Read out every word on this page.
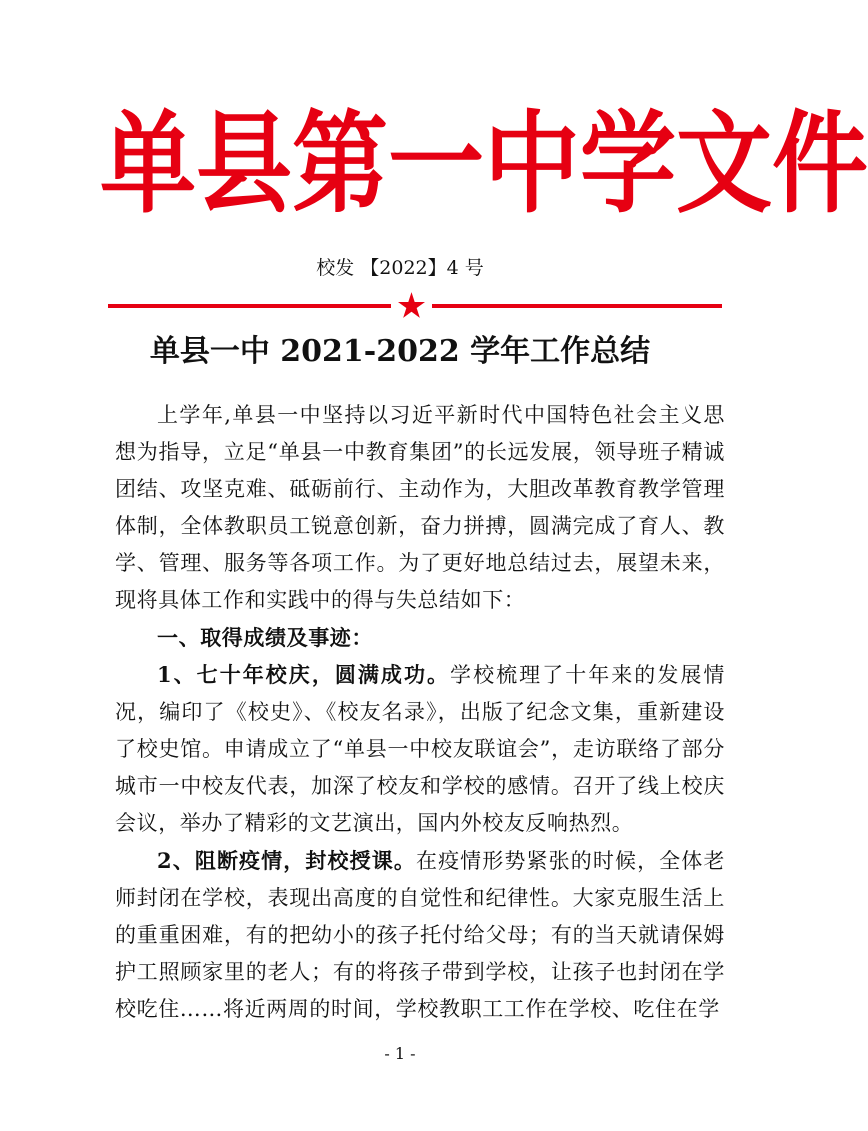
单 县 第 一 中 学 文 件
校发 【2022】4 号
单县一中 2021-2022 学年工作总结

上学年,单县一中坚持以习近平新时代中国特色社会主义思想为指导，立足“单县一中教育集团”的长远发展，领导班子精诚团结、攻坚克难、砥砺前行、主动作为，大胆改革教育教学管理体制，全体教职员工锐意创新，奋力拼搏，圆满完成了育人、教学、管理、服务等各项工作。为了更好地总结过去，展望未来，现将具体工作和实践中的得与失总结如下：

一、取得成绩及事迹：

1、七十年校庆，圆满成功。学校梳理了十年来的发展情况，编印了《校史》、《校友名录》，出版了纪念文集，重新建设了校史馆。申请成立了“单县一中校友联谊会”，走访联络了部分城市一中校友代表，加深了校友和学校的感情。召开了线上校庆会议，举办了精彩的文艺演出，国内外校友反响热烈。

2、阻断疫情，封校授课。在疫情形势紧张的时候，全体老师封闭在学校，表现出高度的自觉性和纪律性。大家克服生活上的重重困难，有的把幼小的孩子托付给父母；有的当天就请保姆护工照顾家里的老人；有的将孩子带到学校，让孩子也封闭在学校吃住……将近两周的时间，学校教职工工作在学校、吃住在学

- 1 -
